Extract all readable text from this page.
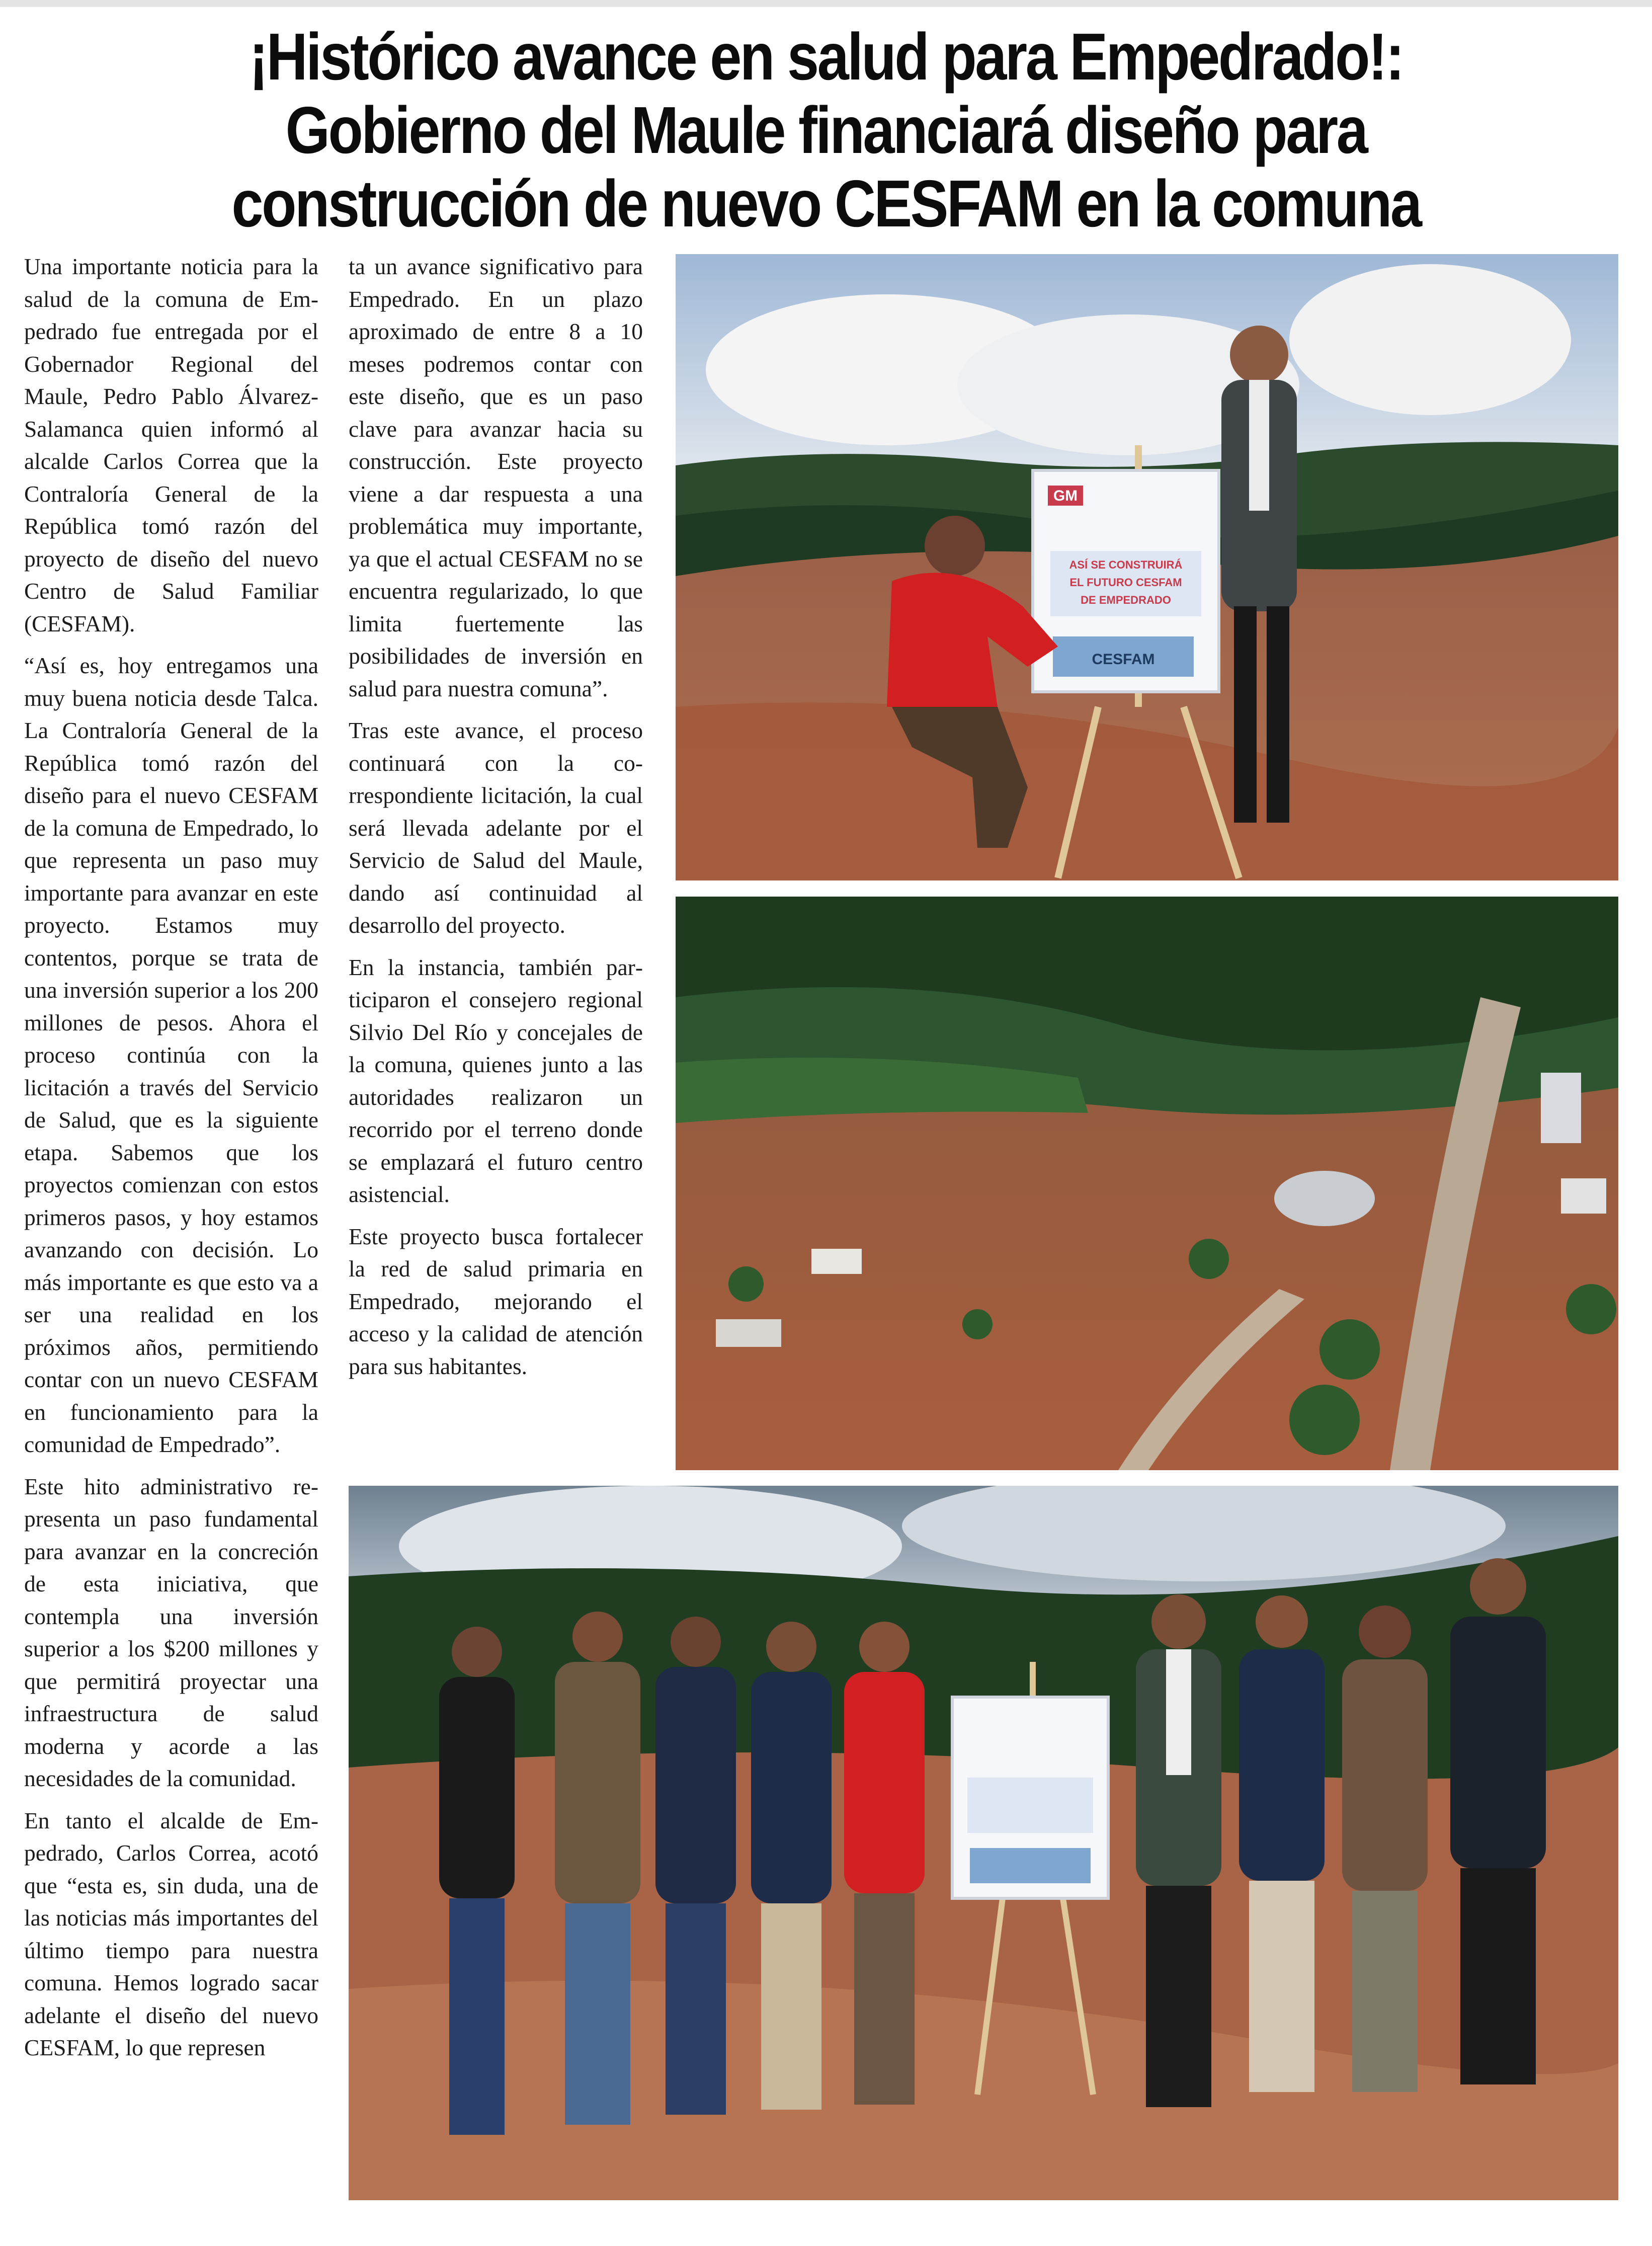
¡Histórico avance en salud para Empedrado!: Gobierno del Maule financiará diseño para construcción de nuevo CESFAM en la comuna

Una importante noticia para la salud de la comuna de Empedrado fue entregada por el Gobernador Regional del Maule, Pedro Pablo Álvarez-Salamanca quien informó al alcalde Carlos Correa que la Contraloría General de la República tomó razón del proyecto de diseño del nuevo Centro de Salud Familiar (CESFAM).

“Así es, hoy entregamos una muy buena noticia desde Talca. La Contraloría General de la República tomó razón del diseño para el nuevo CESFAM de la comuna de Empedrado, lo que representa un paso muy importante para avanzar en este proyecto. Estamos muy contentos, porque se trata de una inversión superior a los 200 millones de pesos. Ahora el proceso continúa con la licitación a través del Servicio de Salud, que es la siguiente etapa. Sabemos que los proyectos comienzan con estos primeros pasos, y hoy estamos avanzando con decisión. Lo más importante es que esto va a ser una realidad en los próximos años, permitiendo contar con un nuevo CESFAM en funcionamiento para la comunidad de Empedrado”.

Este hito administrativo representa un paso fundamental para avanzar en la concreción de esta iniciativa, que contempla una inversión superior a los $200 millones y que permitirá proyectar una infraestructura de salud moderna y acorde a las necesidades de la comunidad.

En tanto el alcalde de Empedrado, Carlos Correa, acotó que “esta es, sin duda, una de las noticias más importantes del último tiempo para nuestra comuna. Hemos logrado sacar adelante el diseño del nuevo CESFAM, lo que represen

ta un avance significativo para Empedrado. En un plazo aproximado de entre 8 a 10 meses podremos contar con este diseño, que es un paso clave para avanzar hacia su construcción. Este proyecto viene a dar respuesta a una problemática muy importante, ya que el actual CESFAM no se encuentra regularizado, lo que limita fuertemente las posibilidades de inversión en salud para nuestra comuna”.

Tras este avance, el proceso continuará con la correspondiente licitación, la cual será llevada adelante por el Servicio de Salud del Maule, dando así continuidad al desarrollo del proyecto.

En la instancia, también participaron el consejero regional Silvio Del Río y concejales de la comuna, quienes junto a las autoridades realizaron un recorrido por el terreno donde se emplazará el futuro centro asistencial.

Este proyecto busca fortalecer la red de salud primaria en Empedrado, mejorando el acceso y la calidad de atención para sus habitantes.

GM
ASÍ SE CONSTRUIRÁ
EL FUTURO CESFAM
DE EMPEDRADO
CESFAM
